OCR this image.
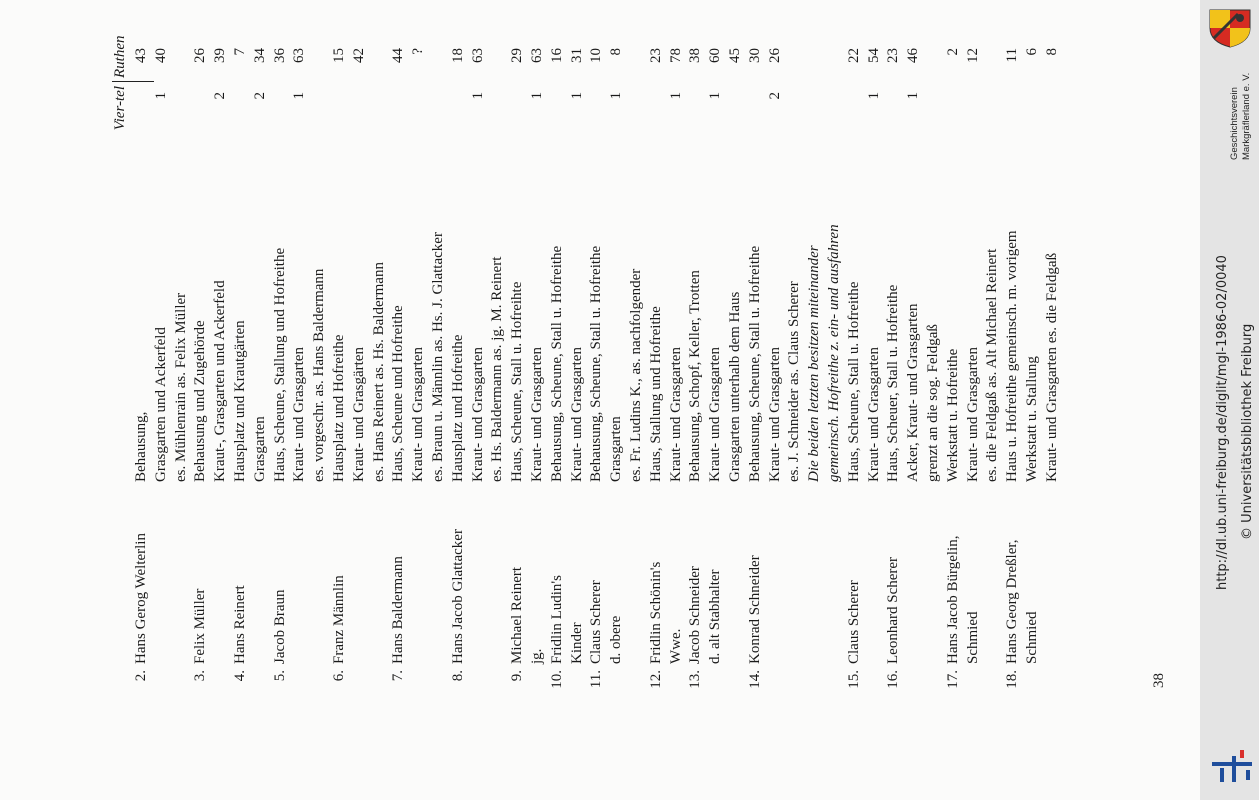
Vier-tel
Ruthen
2.
Hans Gerog Welterlin
Behausung,
43
Grasgarten und Ackerfeld
1
40
es. Mühlenrain as. Felix Müller
3.
Felix Müller
Behausung und Zugehörde
26
Kraut-, Grasgarten und Ackerfeld
2
39
4.
Hans Reinert
Hausplatz und Krautgärten
7
Grasgarten
2
34
5.
Jacob Braun
Haus, Scheune, Stallung und Hofreithe
36
Kraut- und Grasgarten
1
63
es. vorgeschr. as. Hans Baldermann
6.
Franz Männlin
Hausplatz und Hofreithe
15
Kraut- und Grasgärten
42
es. Hans Reinert as. Hs. Baldermann
7.
Hans Baldermann
Haus, Scheune und Hofreithe
44
Kraut- und Grasgarten
?
es. Braun u. Männlin as. Hs. J. Glattacker
8.
Hans Jacob Glattacker
Hausplatz und Hofreithe
18
Kraut- und Grasgarten
1
63
es. Hs. Baldermann as. jg. M. Reinert
9.
Michael Reinert
Haus, Scheune, Stall u. Hofreihte
29
jg.
Kraut- und Grasgarten
1
63
10.
Fridlin Ludin's
Behausung, Scheune, Stall u. Hofreithe
16
Kinder
Kraut- und Grasgarten
1
31
11.
Claus Scherer
Behausung, Scheune, Stall u. Hofreithe
10
d. obere
Grasgarten
1
8
es. Fr. Ludins K., as. nachfolgender
12.
Fridlin Schönin's
Haus, Stallung und Hofreithe
23
Wwe.
Kraut- und Grasgarten
1
78
13.
Jacob Schneider
Behausung, Schopf, Keller, Trotten
38
d. alt Stabhalter
Kraut- und Grasgarten
1
60
Grasgarten unterhalb dem Haus
45
14.
Konrad Schneider
Behausung, Scheune, Stall u. Hofreithe
30
Kraut- und Grasgarten
2
26
es. J. Schneider as. Claus Scherer Die beiden letzten besitzen miteinander gemeinsch. Hofreithe z. ein- und ausfahren
15.
Claus Scherer
Haus, Scheune, Stall u. Hofreithe
22
Kraut- und Grasgarten
1
54
16.
Leonhard Scherer
Haus, Scheuer, Stall u. Hofreithe
23
Acker, Kraut- und Grasgarten
1
46
grenzt an die sog. Feldgaß
17.
Hans Jacob Bürgelin,
Werkstatt u. Hofreithe
2
Schmied
Kraut- und Grasgarten
12
es. die Feldgaß as. Alt Michael Reinert
18.
Hans Georg Dreßler,
Haus u. Hofreithe gemeinsch. m. vorigem
11
Schmied
Werkstatt u. Stallung
6
Kraut- und Grasgarten es. die Feldgaß
8
38
Geschichtsverein Markgräflerland e. V.
http://dl.ub.uni-freiburg.de/diglit/mgl-1986-02/0040 © Universitätsbibliothek Freiburg
